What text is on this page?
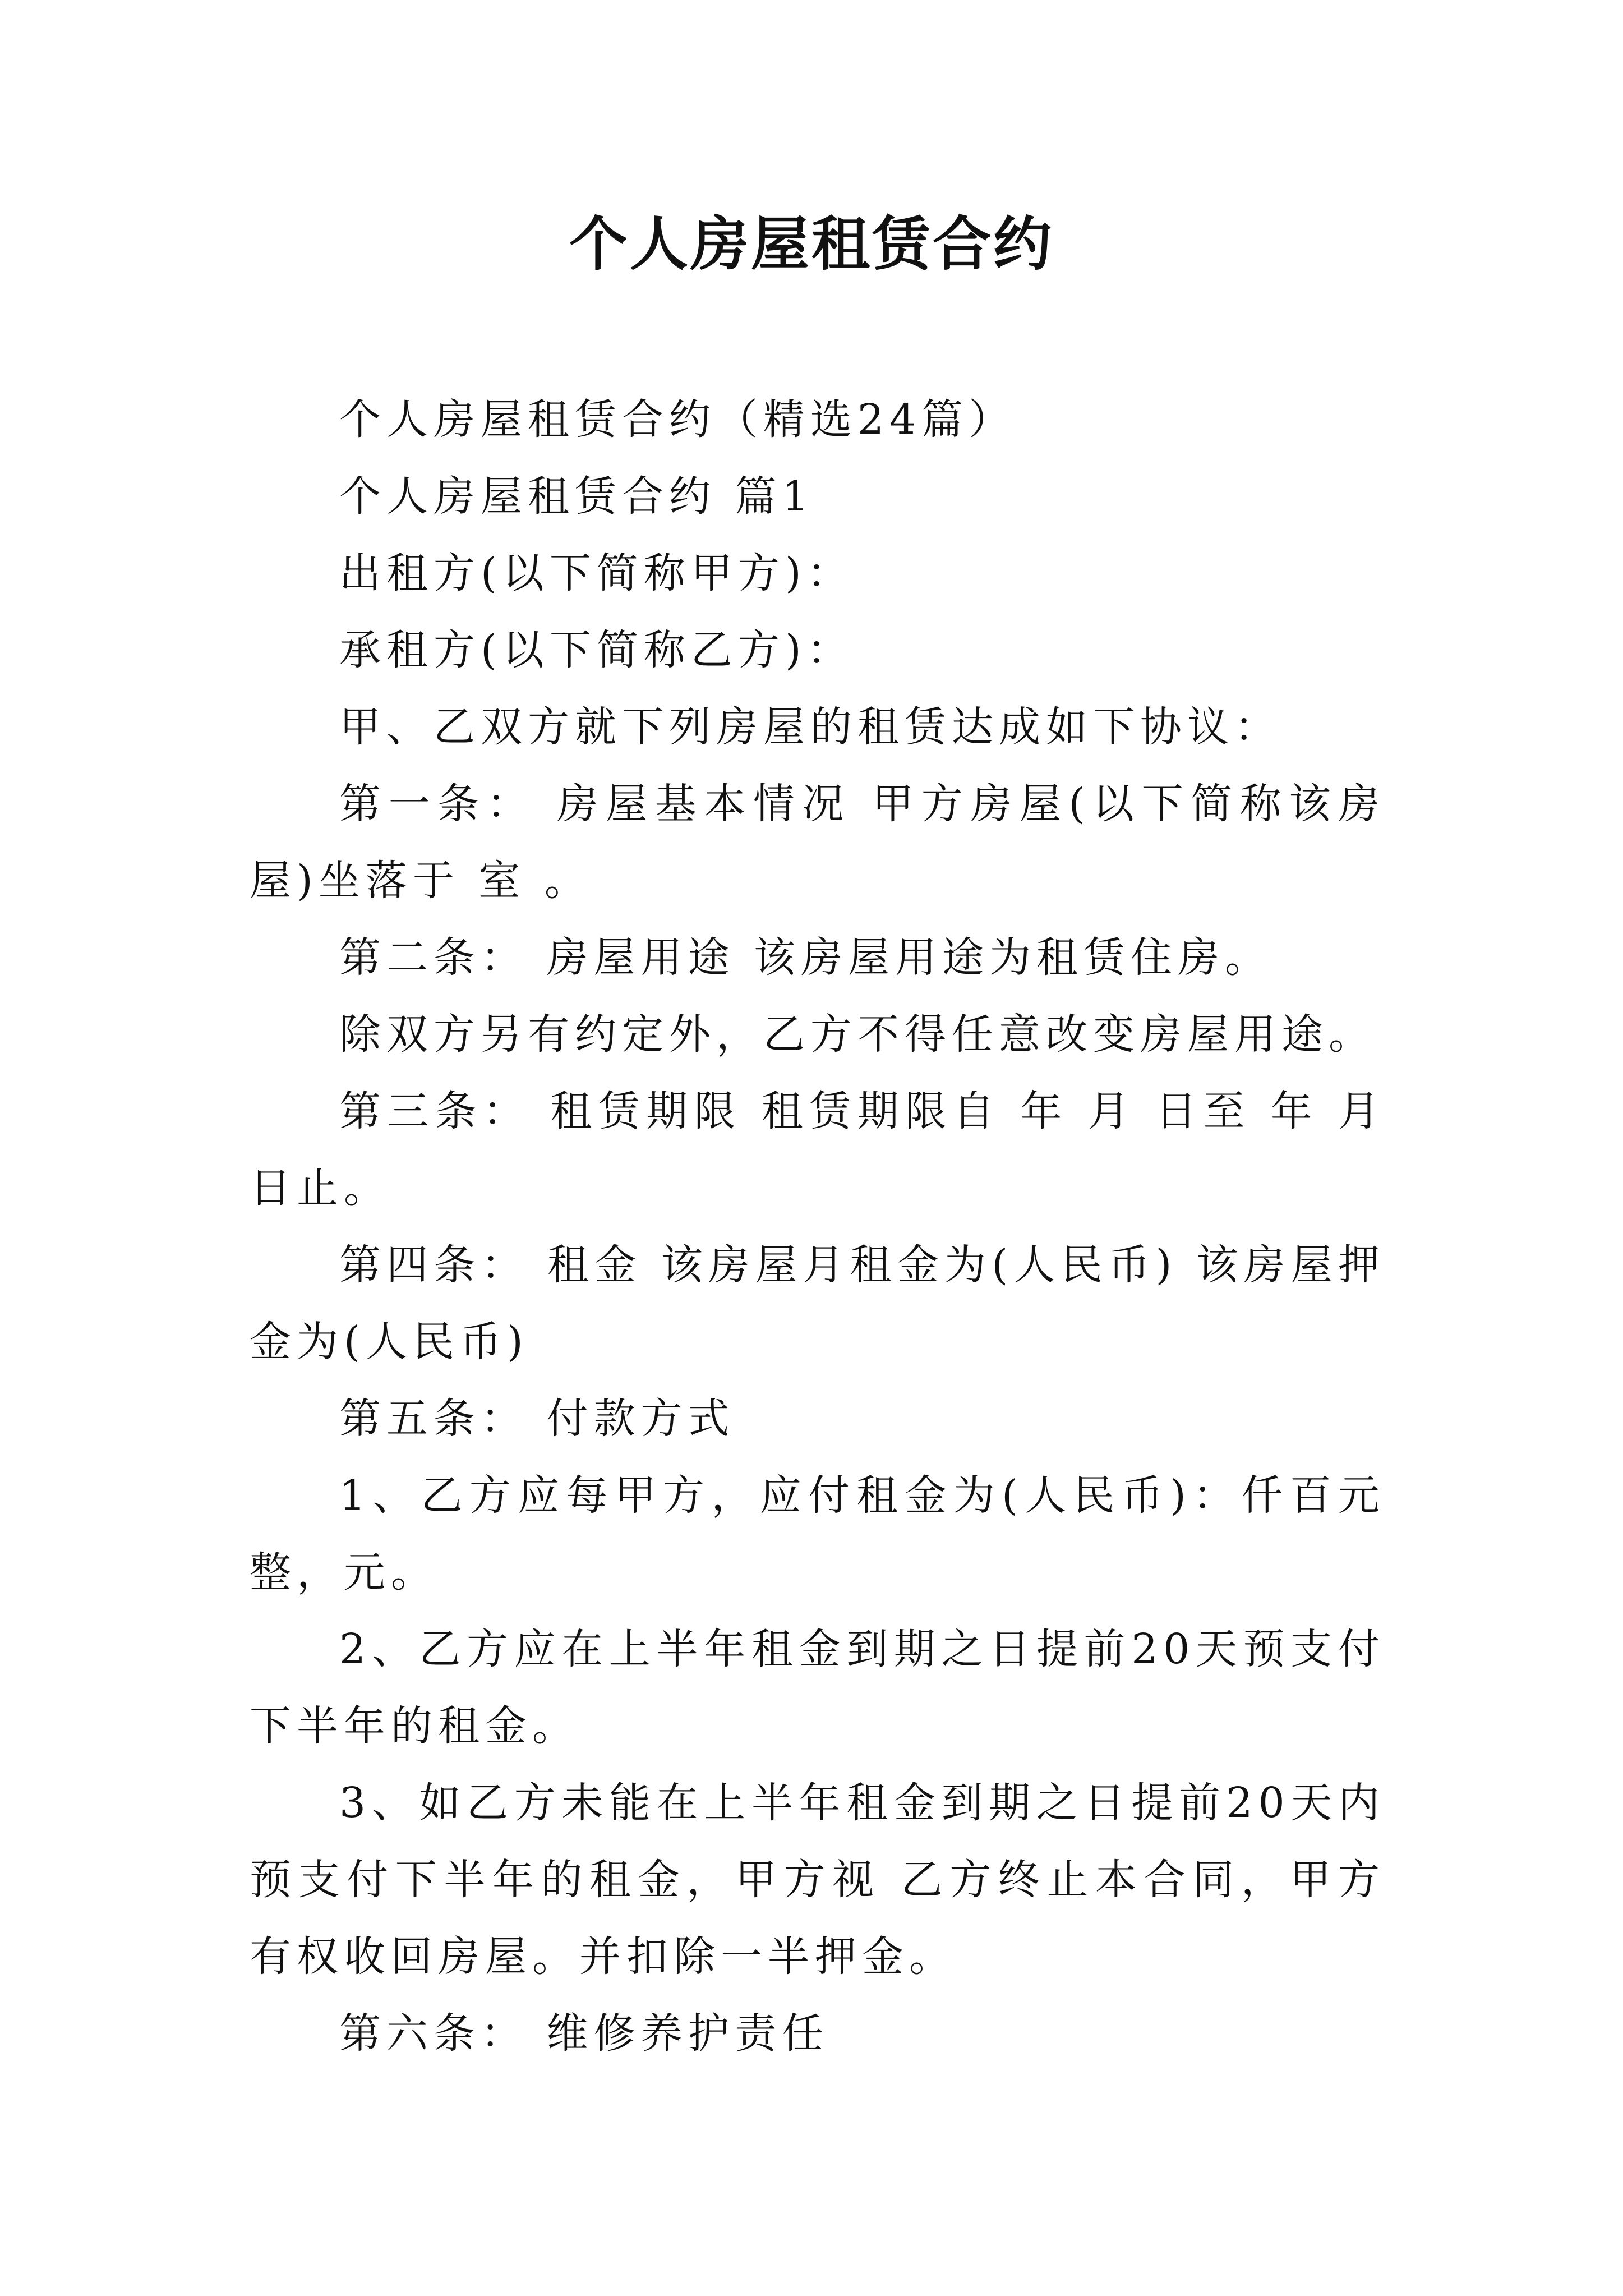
个人房屋租赁合约

个人房屋租赁合约（精选24篇）

个人房屋租赁合约 篇1

出租方(以下简称甲方)：

承租方(以下简称乙方)：

甲、乙双方就下列房屋的租赁达成如下协议：

第一条： 房屋基本情况 甲方房屋(以下简称该房屋)坐落于 室 。

第二条： 房屋用途 该房屋用途为租赁住房。

除双方另有约定外，乙方不得任意改变房屋用途。

第三条： 租赁期限 租赁期限自 年 月 日至 年 月 日止。

第四条： 租金 该房屋月租金为(人民币) 该房屋押金为(人民币)

第五条： 付款方式

1、乙方应每甲方，应付租金为(人民币)：仟百元整，元。

2、乙方应在上半年租金到期之日提前20天预支付下半年的租金。

3、如乙方未能在上半年租金到期之日提前20天内预支付下半年的租金，甲方视 乙方终止本合同，甲方有权收回房屋。并扣除一半押金。

第六条： 维修养护责任
